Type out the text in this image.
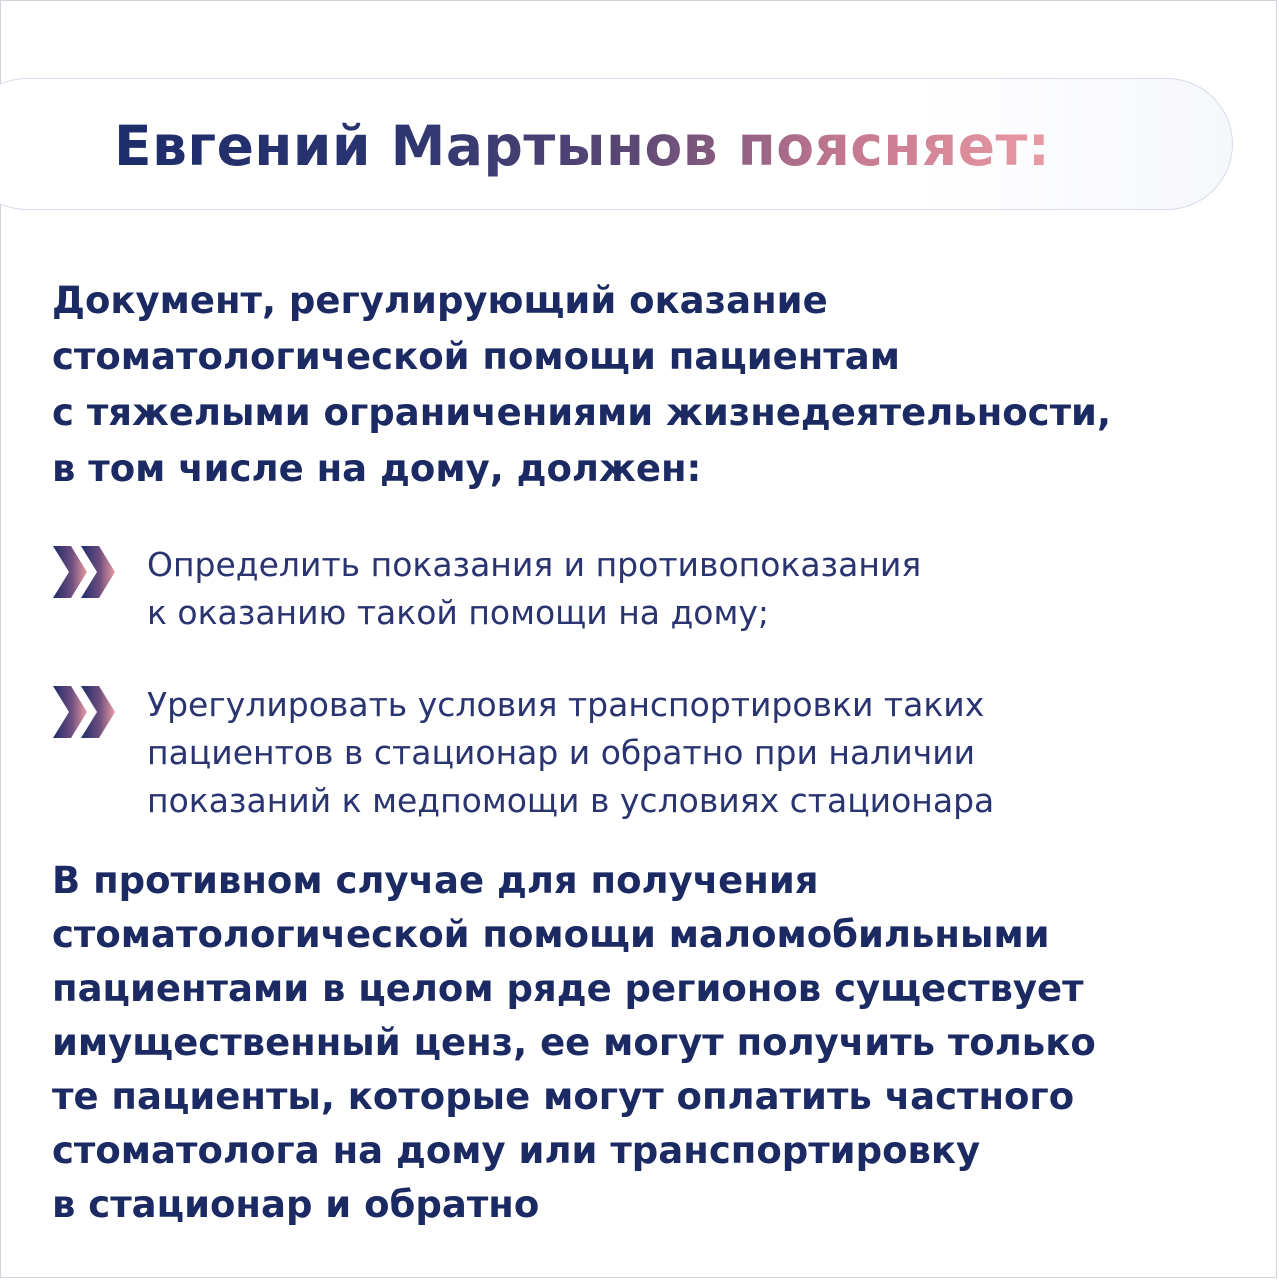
Евгений Мартынов поясняет:

Документ, регулирующий оказание
стоматологической помощи пациентам
с тяжелыми ограничениями жизнедеятельности,
в том числе на дому, должен:

Определить показания и противопоказания
к оказанию такой помощи на дому;
Урегулировать условия транспортировки таких
пациентов в стационар и обратно при наличии
показаний к медпомощи в условиях стационара

В противном случае для получения
стоматологической помощи маломобильными
пациентами в целом ряде регионов существует
имущественный ценз, ее могут получить только
те пациенты, которые могут оплатить частного
стоматолога на дому или транспортировку
в стационар и обратно
